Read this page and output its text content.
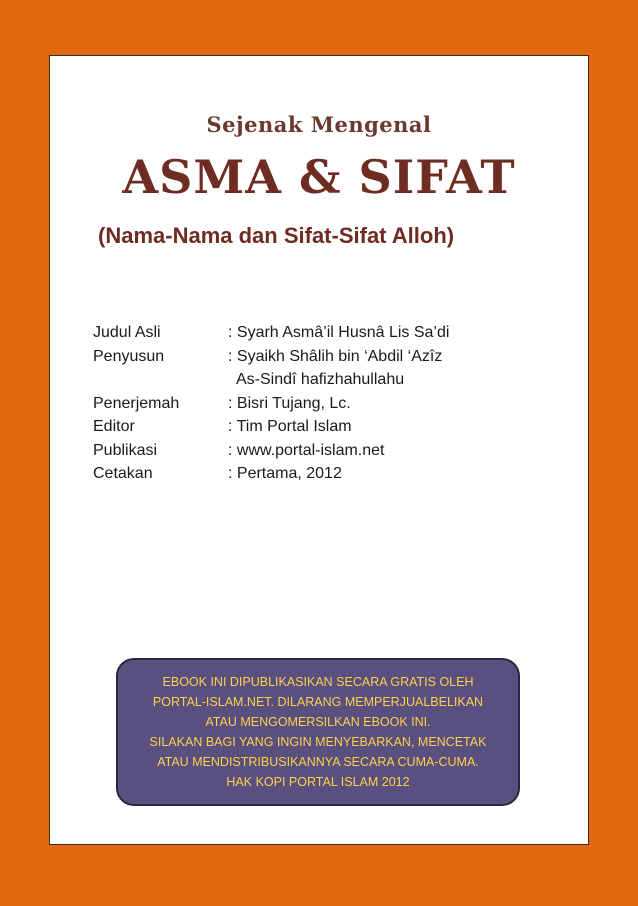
Sejenak Mengenal
ASMA & SIFAT
(Nama-Nama dan Sifat-Sifat Alloh)
Judul Asli	: Syarh Asmâ’il Husnâ Lis Sa’di
Penyusun	: Syaikh Shâlih bin ‘Abdil ‘Azîz
As-Sindî hafizhahullahu
Penerjemah	: Bisri Tujang, Lc.
Editor	: Tim Portal Islam
Publikasi	: www.portal-islam.net
Cetakan	: Pertama, 2012
EBOOK INI DIPUBLIKASIKAN SECARA GRATIS OLEH
PORTAL-ISLAM.NET. DILARANG MEMPERJUALBELIKAN
ATAU MENGOMERSILKAN EBOOK INI.
SILAKAN BAGI YANG INGIN MENYEBARKAN, MENCETAK
ATAU MENDISTRIBUSIKANNYA SECARA CUMA-CUMA.
HAK KOPI PORTAL ISLAM 2012
